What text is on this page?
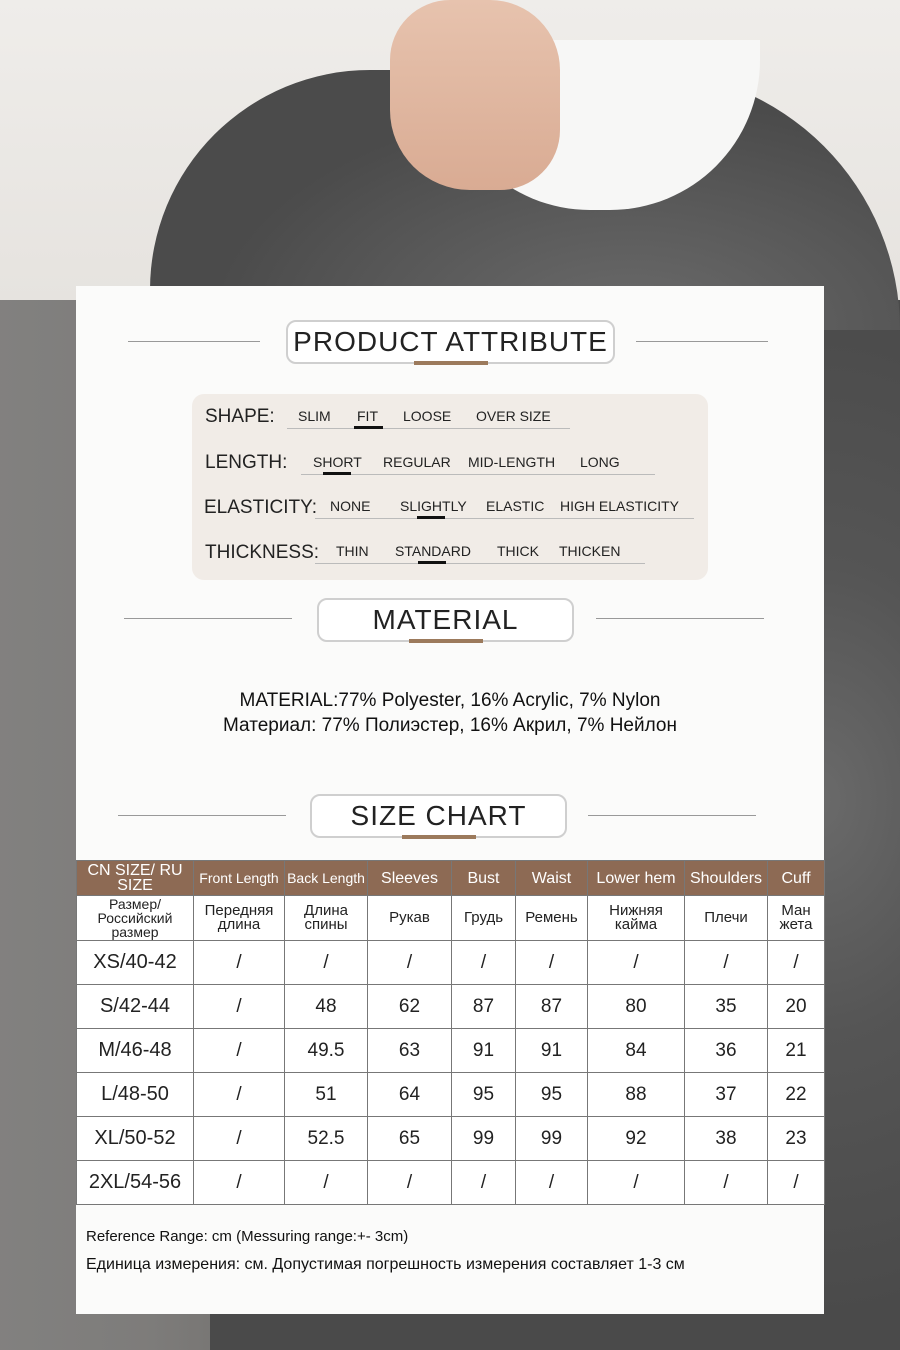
PRODUCT ATTRIBUTE
SHAPE: SLIM FIT LOOSE OVER SIZE
LENGTH: SHORT REGULAR MID-LENGTH LONG
ELASTICITY: NONE SLIGHTLY ELASTIC HIGH ELASTICITY
THICKNESS: THIN STANDARD THICK THICKEN
MATERIAL
MATERIAL:77% Polyester, 16% Acrylic, 7% Nylon
Материал: 77% Полиэстер, 16% Акрил, 7% Нейлон
SIZE CHART
CN SIZE/ RU SIZE	Front Length	Back Length	Sleeves	Bust	Waist	Lower hem	Shoulders	Cuff
Размер/ Российский размер	Передняя длина	Длина спины	Рукав	Грудь	Ремень	Нижняя кайма	Плечи	Ман жета
XS/40-42	/	/	/	/	/	/	/	/
S/42-44	/	48	62	87	87	80	35	20
M/46-48	/	49.5	63	91	91	84	36	21
L/48-50	/	51	64	95	95	88	37	22
XL/50-52	/	52.5	65	99	99	92	38	23
2XL/54-56	/	/	/	/	/	/	/	/
Reference Range: cm (Messuring range:+- 3cm)
Единица измерения: см. Допустимая погрешность измерения составляет 1-3 см
